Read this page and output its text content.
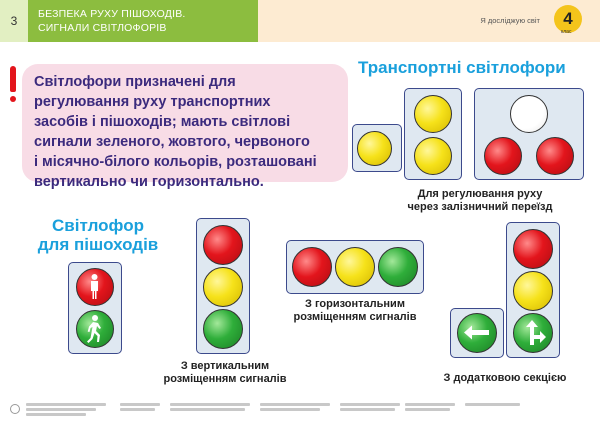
3	БЕЗПЕКА РУХУ ПІШОХОДІВ.
СИГНАЛИ СВІТЛОФОРІВ
Я досліджую світ	4
клас
Світлофори призначені для
регулювання руху транспортних
засобів і пішоходів; мають світлові
сигнали зеленого, жовтого, червоного
і місячно-білого кольорів, розташовані
вертикально чи горизонтально.
Транспортні світлофори
Для регулювання руху
через залізничний переїзд
Світлофор
для пішоходів
З вертикальним
розміщенням сигналів
З горизонтальним
розміщенням сигналів
З додатковою секцією
